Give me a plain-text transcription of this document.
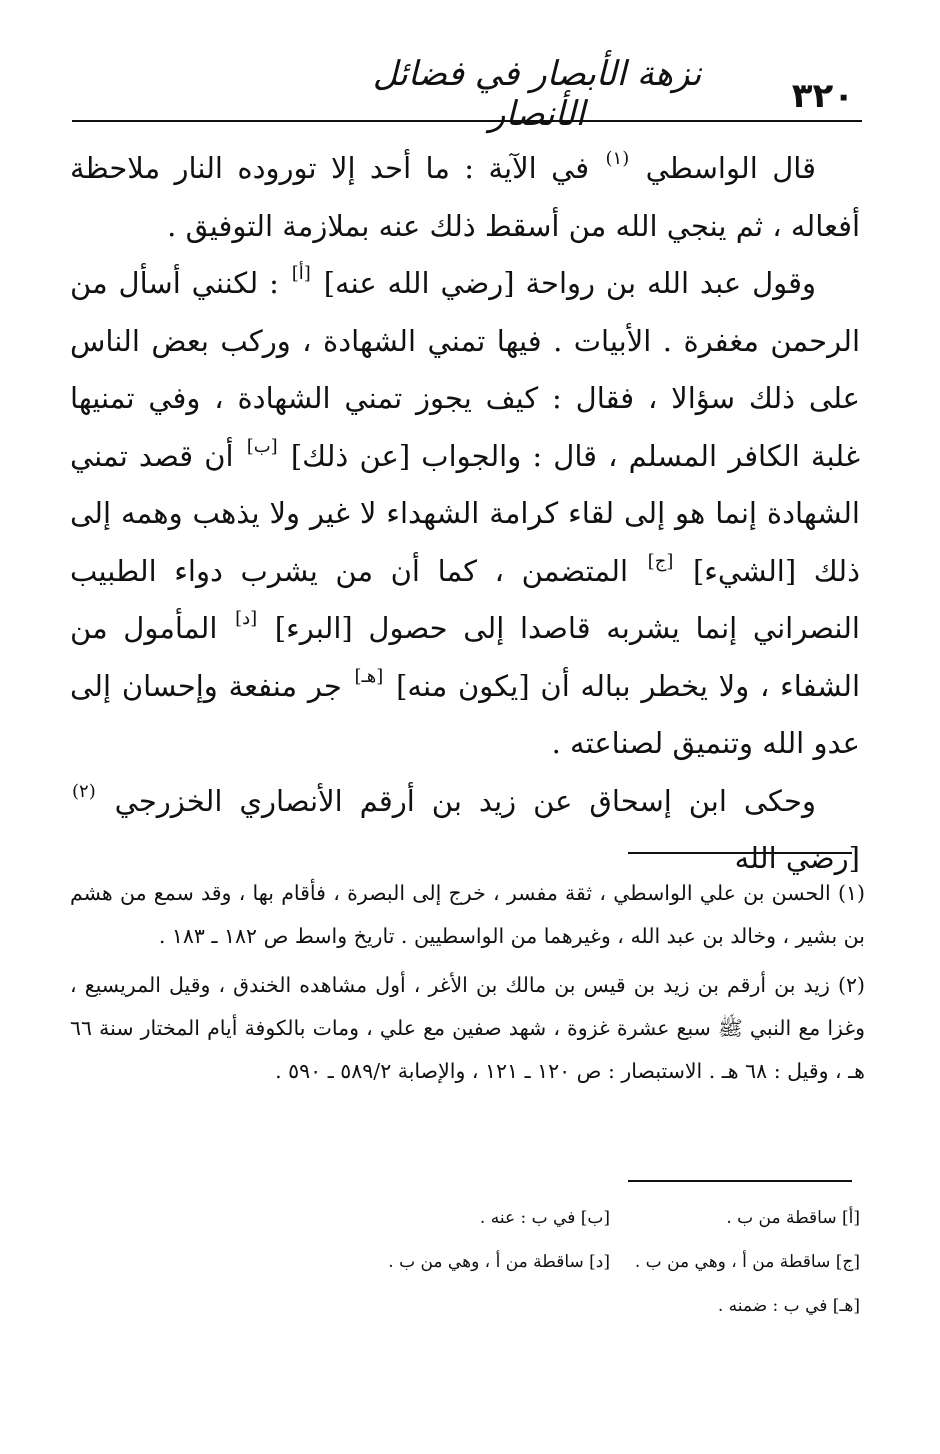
نزهة الأبصار في فضائل الأنصار	٣٢٠

قال الواسطي $^{(١)}$ في الآية : ما أحد إلا توروده النار ملاحظة أفعاله ، ثم ينجي الله من أسقط ذلك عنه بملازمة التوفيق .

وقول عبد الله بن رواحة [رضي الله عنه] [أ] : لكنني أسأل من الرحمن مغفرة . الأبيات . فيها تمني الشهادة ، وركب بعض الناس على ذلك سؤالا ، فقال : كيف يجوز تمني الشهادة ، وفي تمنيها غلبة الكافر المسلم ، قال : والجواب [عن ذلك] [ب] أن قصد تمني الشهادة إنما هو إلى لقاء كرامة الشهداء لا غير ولا يذهب وهمه إلى ذلك [الشيء] [ج] المتضمن ، كما أن من يشرب دواء الطبيب النصراني إنما يشربه قاصدا إلى حصول [البرء] [د] المأمول من الشفاء ، ولا يخطر بباله أن [يكون منه] [هـ] جر منفعة وإحسان إلى عدو الله وتنميق لصناعته .

وحكى ابن إسحاق عن زيد بن أرقم الأنصاري الخزرجي $^{(٢)}$ [رضي الله

(١) الحسن بن علي الواسطي ، ثقة مفسر ، خرج إلى البصرة ، فأقام بها ، وقد سمع من هشم بن بشير ، وخالد بن عبد الله ، وغيرهما من الواسطيين . تاريخ واسط ص ١٨٢ ـ ١٨٣ .

(٢) زيد بن أرقم بن زيد بن قيس بن مالك بن الأغر ، أول مشاهده الخندق ، وقيل المريسيع ، وغزا مع النبي ﷺ سبع عشرة غزوة ، شهد صفين مع علي ، ومات بالكوفة أيام المختار سنة ٦٦ هـ ، وقيل : ٦٨ هـ . الاستبصار : ص ١٢٠ ـ ١٢١ ، والإصابة ٥٨٩/٢ ـ ٥٩٠ .

[أ] ساقطة من ب .
[ب] في ب : عنه .
[ج] ساقطة من أ ، وهي من ب .
[د] ساقطة من أ ، وهي من ب .
[هـ] في ب : ضمنه .
